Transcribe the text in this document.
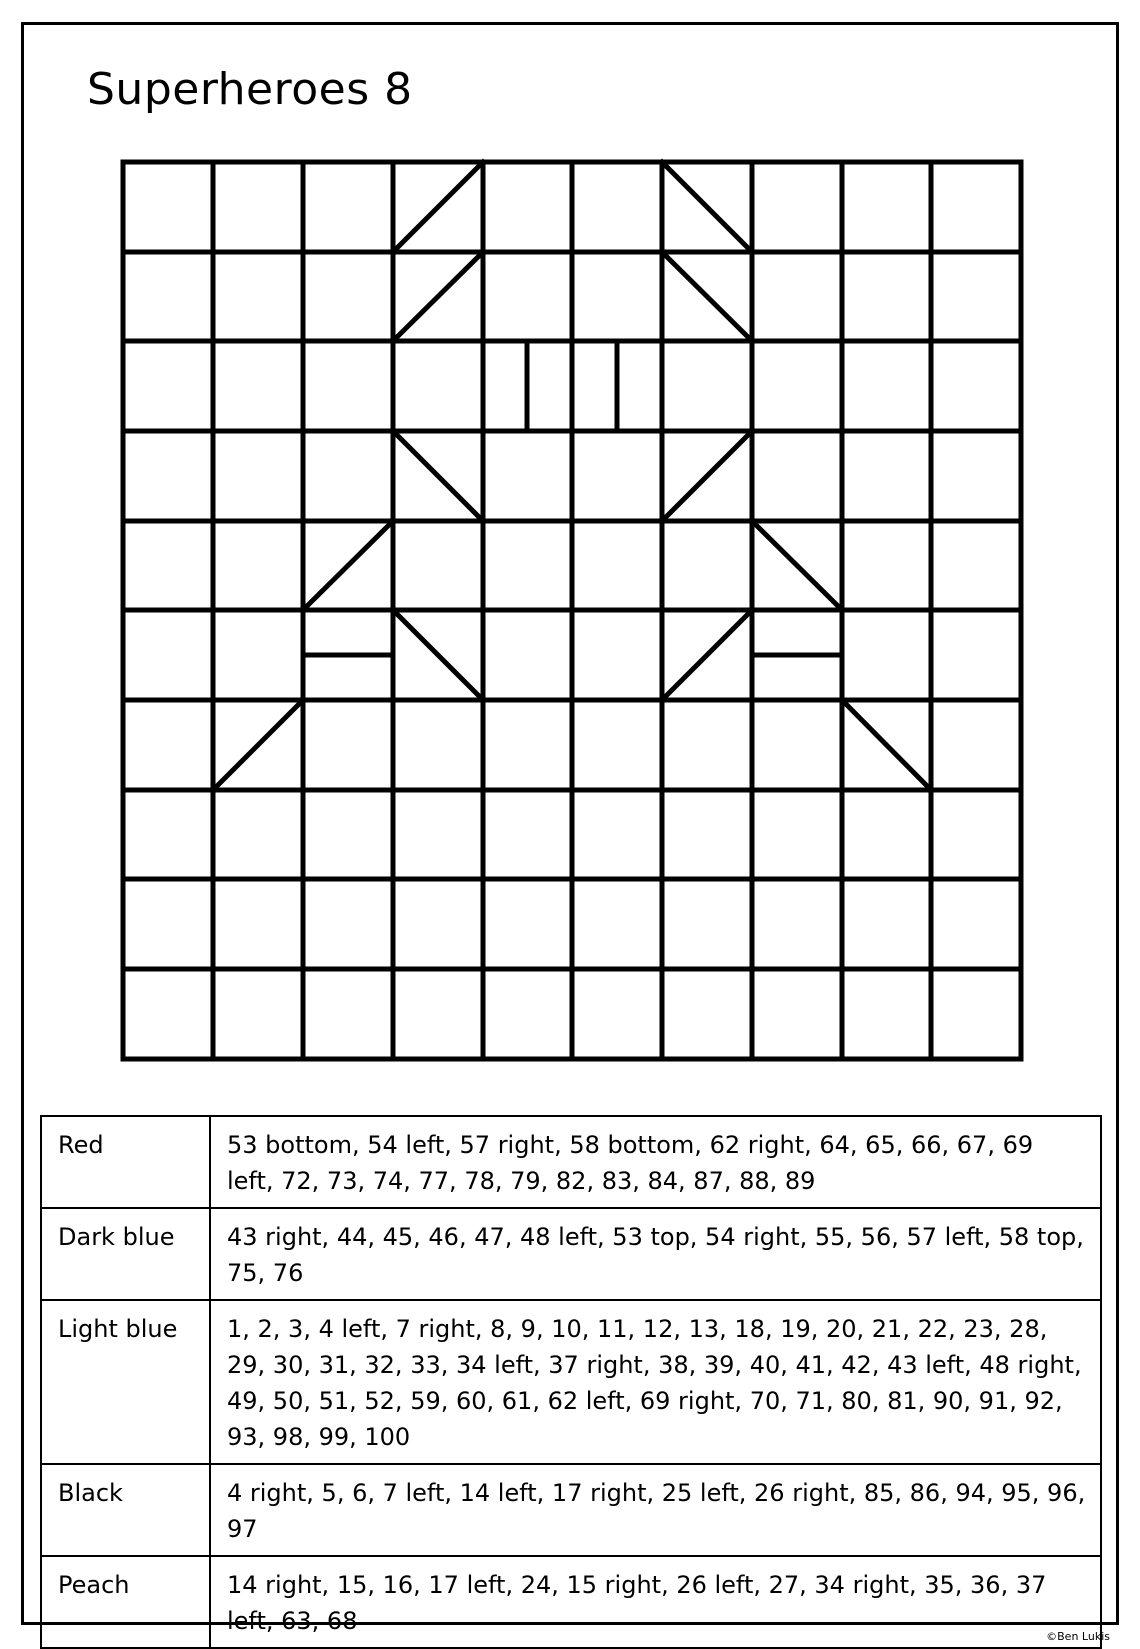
Superheroes 8
Red	53 bottom, 54 left, 57 right, 58 bottom, 62 right, 64, 65, 66, 67, 69 left, 72, 73, 74, 77, 78, 79, 82, 83, 84, 87, 88, 89
Dark blue	43 right, 44, 45, 46, 47, 48 left, 53 top, 54 right, 55, 56, 57 left, 58 top, 75, 76
Light blue	1, 2, 3, 4 left, 7 right, 8, 9, 10, 11, 12, 13, 18, 19, 20, 21, 22, 23, 28, 29, 30, 31, 32, 33, 34 left, 37 right, 38, 39, 40, 41, 42, 43 left, 48 right, 49, 50, 51, 52, 59, 60, 61, 62 left, 69 right, 70, 71, 80, 81, 90, 91, 92, 93, 98, 99, 100
Black	4 right, 5, 6, 7 left, 14 left, 17 right, 25 left, 26 right, 85, 86, 94, 95, 96, 97
Peach	14 right, 15, 16, 17 left, 24, 15 right, 26 left, 27, 34 right, 35, 36, 37 left, 63, 68
©Ben Lukis
